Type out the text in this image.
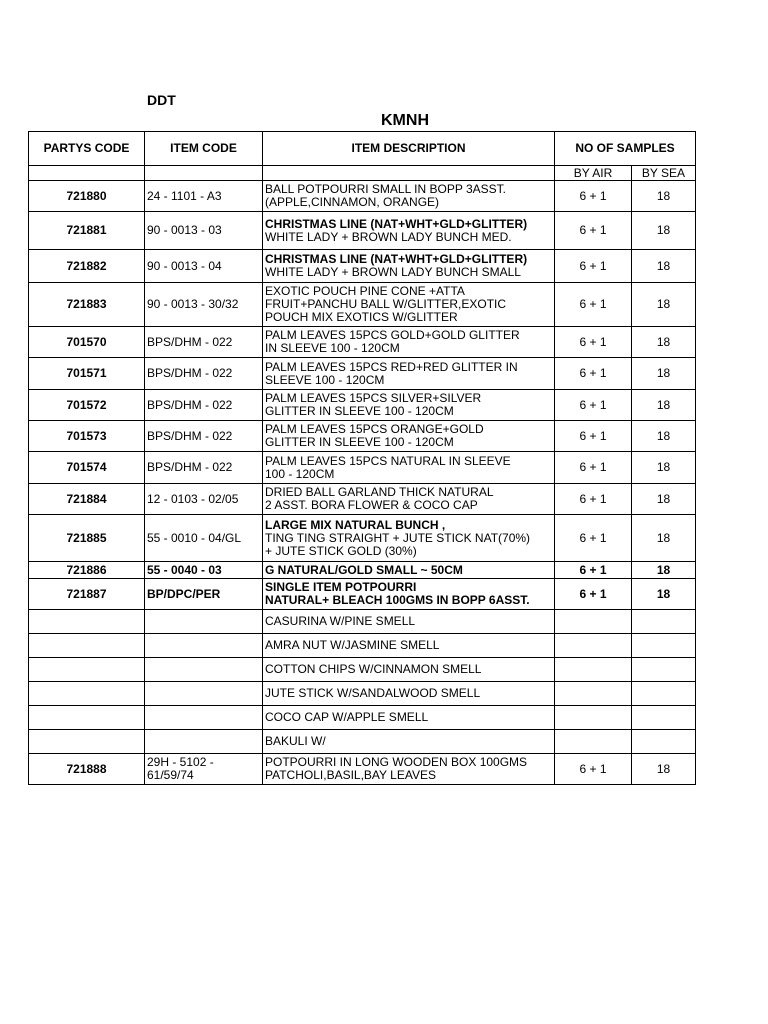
DDT
KMNH
PARTYS CODE	ITEM CODE	ITEM DESCRIPTION	NO OF SAMPLES	
			BY AIR	BY SEA
721880	24 - 1101 - A3	BALL POTPOURRI SMALL IN BOPP 3ASST.
(APPLE,CINNAMON, ORANGE)	6 + 1	18
721881	90 - 0013 - 03	CHRISTMAS LINE (NAT+WHT+GLD+GLITTER)
WHITE LADY + BROWN LADY BUNCH MED.	6 + 1	18
721882	90 - 0013 - 04	CHRISTMAS LINE (NAT+WHT+GLD+GLITTER)
WHITE LADY + BROWN LADY BUNCH SMALL	6 + 1	18
721883	90 - 0013 - 30/32	EXOTIC POUCH PINE CONE +ATTA
FRUIT+PANCHU BALL W/GLITTER,EXOTIC
POUCH MIX EXOTICS W/GLITTER	6 + 1	18
701570	BPS/DHM - 022	PALM LEAVES 15PCS GOLD+GOLD GLITTER
IN SLEEVE 100 - 120CM	6 + 1	18
701571	BPS/DHM - 022	PALM LEAVES 15PCS RED+RED GLITTER IN
SLEEVE 100 - 120CM	6 + 1	18
701572	BPS/DHM - 022	PALM LEAVES 15PCS SILVER+SILVER
GLITTER IN SLEEVE 100 - 120CM	6 + 1	18
701573	BPS/DHM - 022	PALM LEAVES 15PCS ORANGE+GOLD
GLITTER IN SLEEVE 100 - 120CM	6 + 1	18
701574	BPS/DHM - 022	PALM LEAVES 15PCS NATURAL IN SLEEVE
100 - 120CM	6 + 1	18
721884	12 - 0103 - 02/05	DRIED BALL GARLAND THICK NATURAL
2 ASST. BORA FLOWER & COCO CAP	6 + 1	18
721885	55 - 0010 - 04/GL	LARGE MIX NATURAL BUNCH ,
TING TING STRAIGHT + JUTE STICK NAT(70%)
+ JUTE STICK GOLD (30%)	6 + 1	18
721886	55 - 0040 - 03	G NATURAL/GOLD SMALL ~ 50CM	6 + 1	18
721887	BP/DPC/PER	SINGLE ITEM POTPOURRI
NATURAL+ BLEACH 100GMS IN BOPP 6ASST.	6 + 1	18

		CASURINA W/PINE SMELL		

		AMRA NUT W/JASMINE SMELL		

		COTTON CHIPS W/CINNAMON SMELL		

		JUTE STICK W/SANDALWOOD SMELL		

		COCO CAP W/APPLE SMELL		

		BAKULI W/		

721888	29H - 5102 - 61/59/74	POTPOURRI IN LONG WOODEN BOX 100GMS
PATCHOLI,BASIL,BAY LEAVES	6 + 1	18
